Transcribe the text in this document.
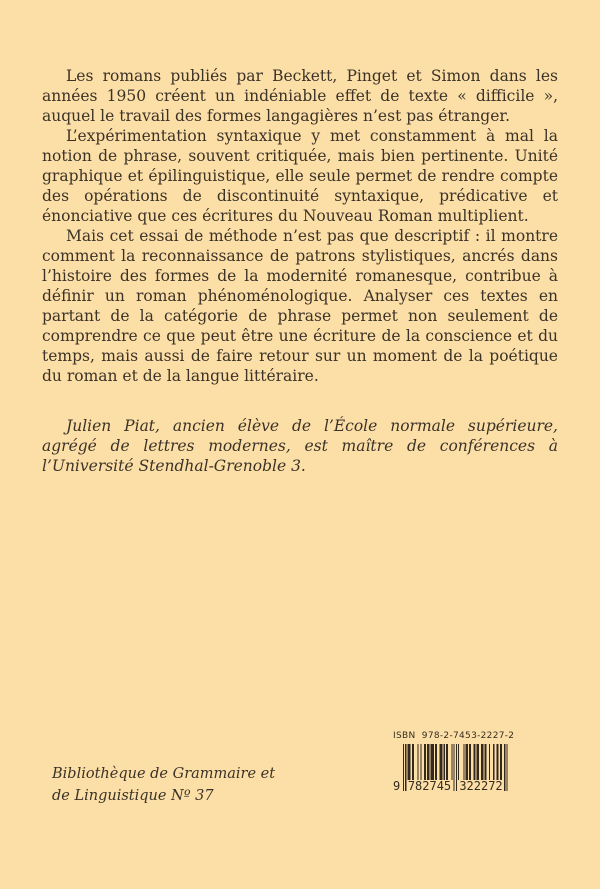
Les romans publiés par Beckett, Pinget et Simon dans les années 1950 créent un indéniable effet de texte « difficile », auquel le travail des formes langagières n’est pas étranger.

L’expérimentation syntaxique y met constamment à mal la notion de phrase, souvent critiquée, mais bien pertinente. Unité graphique et épilinguistique, elle seule permet de rendre compte des opérations de discontinuité syntaxique, prédicative et énonciative que ces écritures du Nouveau Roman multiplient.

Mais cet essai de méthode n’est pas que descriptif : il montre comment la reconnaissance de patrons stylistiques, ancrés dans l’histoire des formes de la modernité romanesque, contribue à définir un roman phénoménologique. Analyser ces textes en partant de la catégorie de phrase permet non seulement de comprendre ce que peut être une écriture de la conscience et du temps, mais aussi de faire retour sur un moment de la poétique du roman et de la langue littéraire.

Julien Piat, ancien élève de l’École normale supérieure, agrégé de lettres modernes, est maître de conférences à l’Université Stendhal-Grenoble 3.

Bibliothèque de Grammaire et
de Linguistique Nº 37
ISBN  978-2-7453-2227-2
9 782745 322272
